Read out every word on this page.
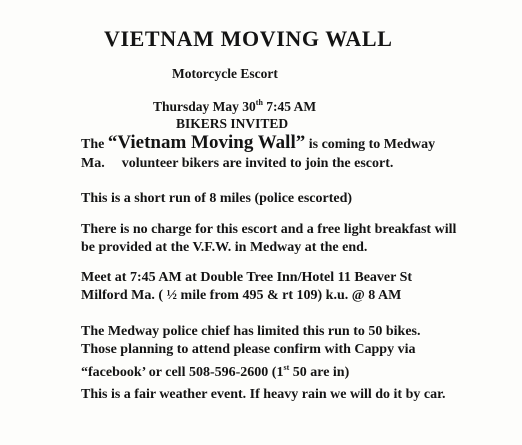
VIETNAM MOVING WALL
Motorcycle Escort
Thursday May 30th 7:45 AM
BIKERS INVITED
The “Vietnam Moving Wall” is coming to Medway
Ma. volunteer bikers are invited to join the escort.
This is a short run of 8 miles (police escorted)
There is no charge for this escort and a free light breakfast will
be provided at the V.F.W. in Medway at the end.
Meet at 7:45 AM at Double Tree Inn/Hotel 11 Beaver St
Milford Ma. ( ½ mile from 495 & rt 109) k.u. @ 8 AM
The Medway police chief has limited this run to 50 bikes.
Those planning to attend please confirm with Cappy via
“facebook’ or cell 508-596-2600 (1st 50 are in)
This is a fair weather event. If heavy rain we will do it by car.
